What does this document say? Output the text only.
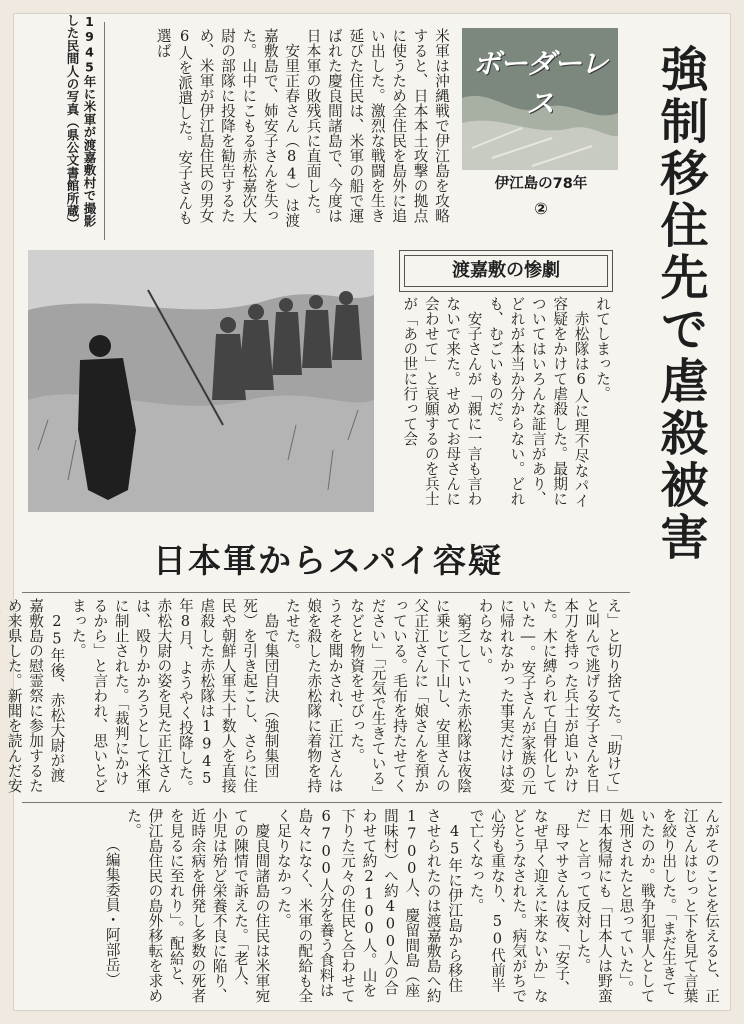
強制移住先で虐殺被害
ボーダーレス
伊江島の78年
②

米軍は沖縄戦で伊江島を攻略すると、日本本土攻撃の拠点に使うため全住民を島外に追い出した。激烈な戦闘を生き延びた住民は、米軍の船で運ばれた慶良間諸島で、今度は日本軍の敗残兵に直面した。

安里正春さん（84）は渡嘉敷島で、姉安子さんを失った。山中にこもる赤松嘉次大尉の部隊に投降を勧告するため、米軍が伊江島住民の男女6人を派遣した。安子さんも選ば

1945年に米軍が渡嘉敷村で撮影した民間人の写真（県公文書館所蔵）
渡嘉敷の惨劇

れてしまった。

赤松隊は6人に理不尽なパイ容疑をかけて虐殺した。最期についてはいろんな証言があり、どれが本当か分からない。どれも、むごいものだ。

安子さんが「親に一言も言わないで来た。せめてお母さんに会わせて」と哀願するのを兵士が「あの世に行って会

日本軍からスパイ容疑

え」と切り捨てた。「助けて」と叫んで逃げる安子さんを日本刀を持った兵士が追いかけた。木に縛られて白骨化していた―。安子さんが家族の元に帰れなかった事実だけは変わらない。

窮乏していた赤松隊は夜陰に乗じて下山し、安里さんの父正江さんに「娘さんを預かっている。毛布を持たせてください」「元気で生きている」などと物資をせびった。

うそを聞かされ、正江さんは娘を殺した赤松隊に着物を持たせた。

島で集団自決（強制集団死）を引き起こし、さらに住民や朝鮮人軍夫十数人を直接虐殺した赤松隊は1945年8月、ようやく投降した。赤松大尉の姿を見た正江さんは、殴りかかろうとして米軍に制止された。「裁判にかけるから」と言われ、思いとどまった。

25年後、赤松大尉が渡嘉敷島の慰霊祭に参加するため来県した。新聞を読んだ安

んがそのことを伝えると、正江さんはじっと下を見て言葉を絞り出した。「まだ生きていたのか。戦争犯罪人として処刑されたと思っていた」。日本復帰にも「日本人は野蛮だ」と言って反対した。

母マサさんは夜、「安子、なぜ早く迎えに来ないか」などとうなされた。病気がちで心労も重なり、50代前半で亡くなった。

45年に伊江島から移住させられたのは渡嘉敷島へ約1700人、慶留間島（座間味村）へ約400人の合わせて約2100人。山を下りた元々の住民と合わせて6700人分を養う食料は島々になく、米軍の配給も全く足りなかった。

慶良間諸島の住民は米軍宛ての陳情で訴えた。「老人、小児は殆ど栄養不良に陥り、近時余病を併発し多数の死者を見るに至れり」。配給と、伊江島住民の島外移転を求めた。

（編集委員・阿部岳）
